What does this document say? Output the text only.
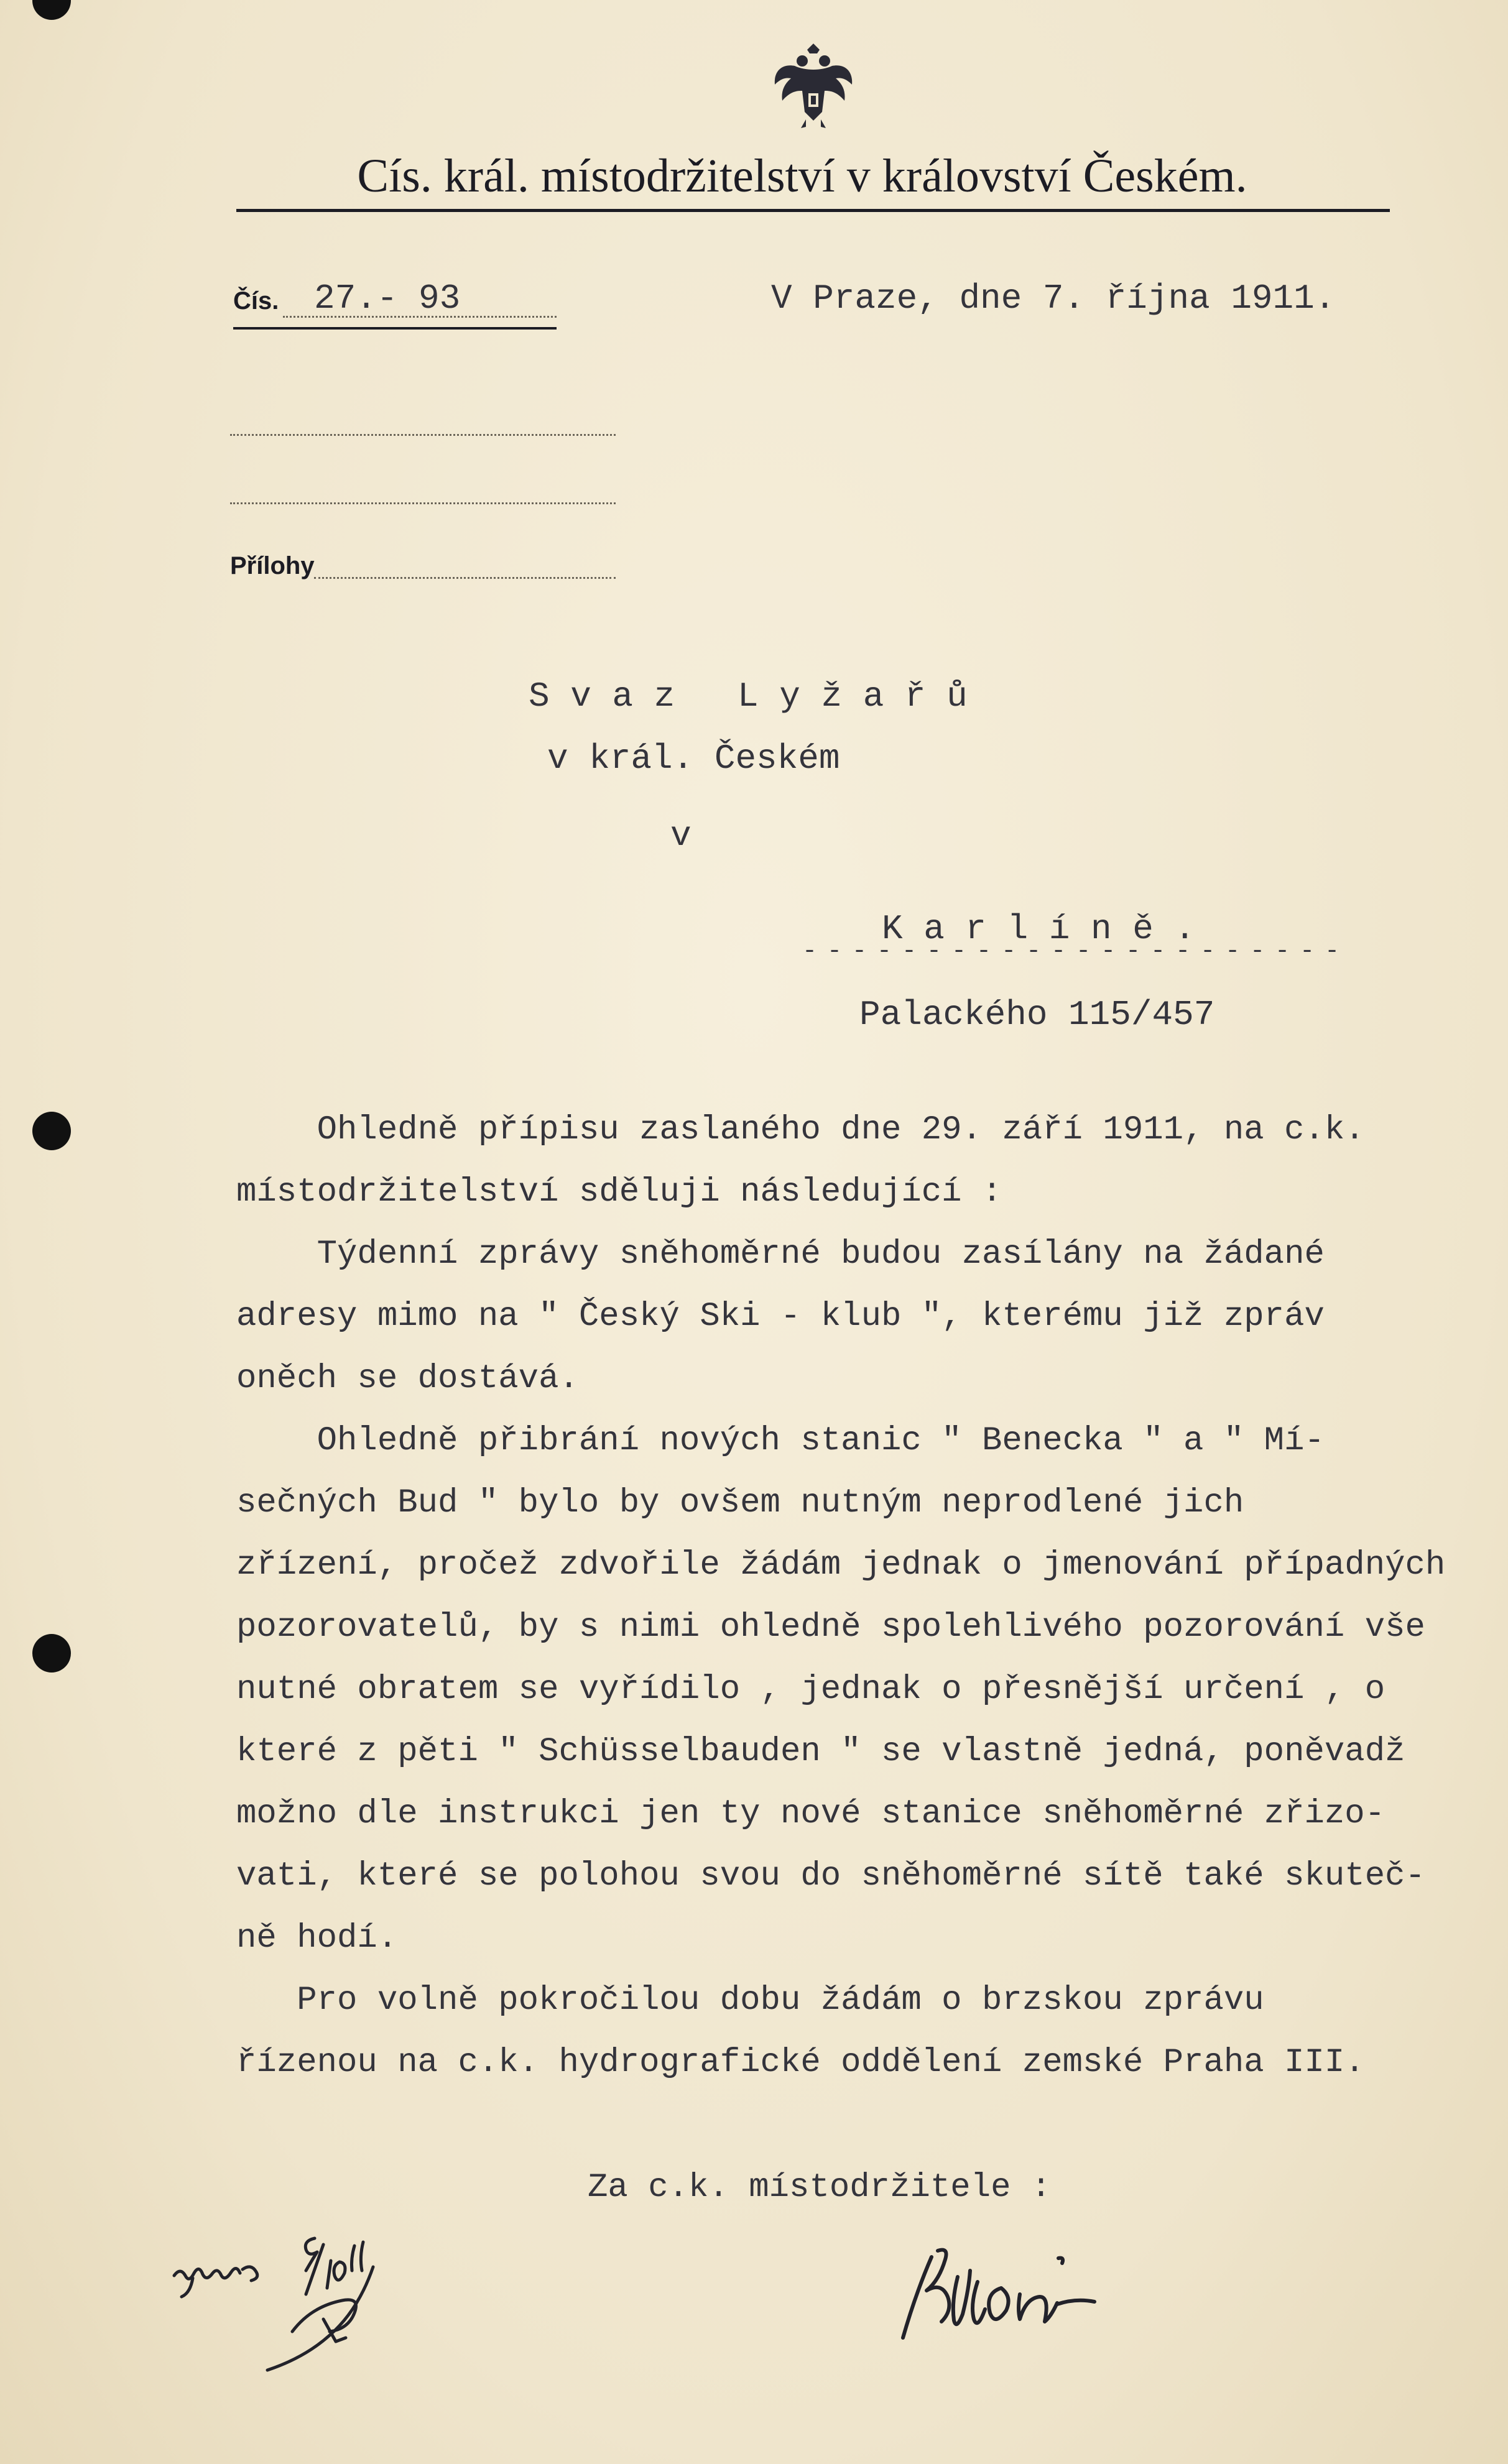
Cís. král. místodržitelství v království Českém.
Čís. 27.- 93	V Praze, dne 7. října 1911.
Přílohy
S v a z   L y ž a ř ů
v král. Českém
v
K a r l í n ě .
- - - - - - - - - - - - - - - - - - - - - -
Palackého 115/457
Ohledně přípisu zaslaného dne 29. září 1911, na c.k.
místodržitelství sděluji následující :
Týdenní zprávy sněhoměrné budou zasílány na žádané
adresy mimo na " Český Ski - klub ", kterému již zpráv
oněch se dostává.
Ohledně přibrání nových stanic " Benecka " a " Mí-
sečných Bud " bylo by ovšem nutným neprodlené jich
zřízení, pročež zdvořile žádám jednak o jmenování případných
pozorovatelů, by s nimi ohledně spolehlivého pozorování vše
nutné obratem se vyřídilo , jednak o přesnější určení , o
které z pěti " Schüsselbauden " se vlastně jedná, poněvadž
možno dle instrukci jen ty nové stanice sněhoměrné zřizo-
vati, které se polohou svou do sněhoměrné sítě také skuteč-
ně hodí.
Pro volně pokročilou dobu žádám o brzskou zprávu
řízenou na c.k. hydrografické oddělení zemské Praha III.
Za c.k. místodržitele :
